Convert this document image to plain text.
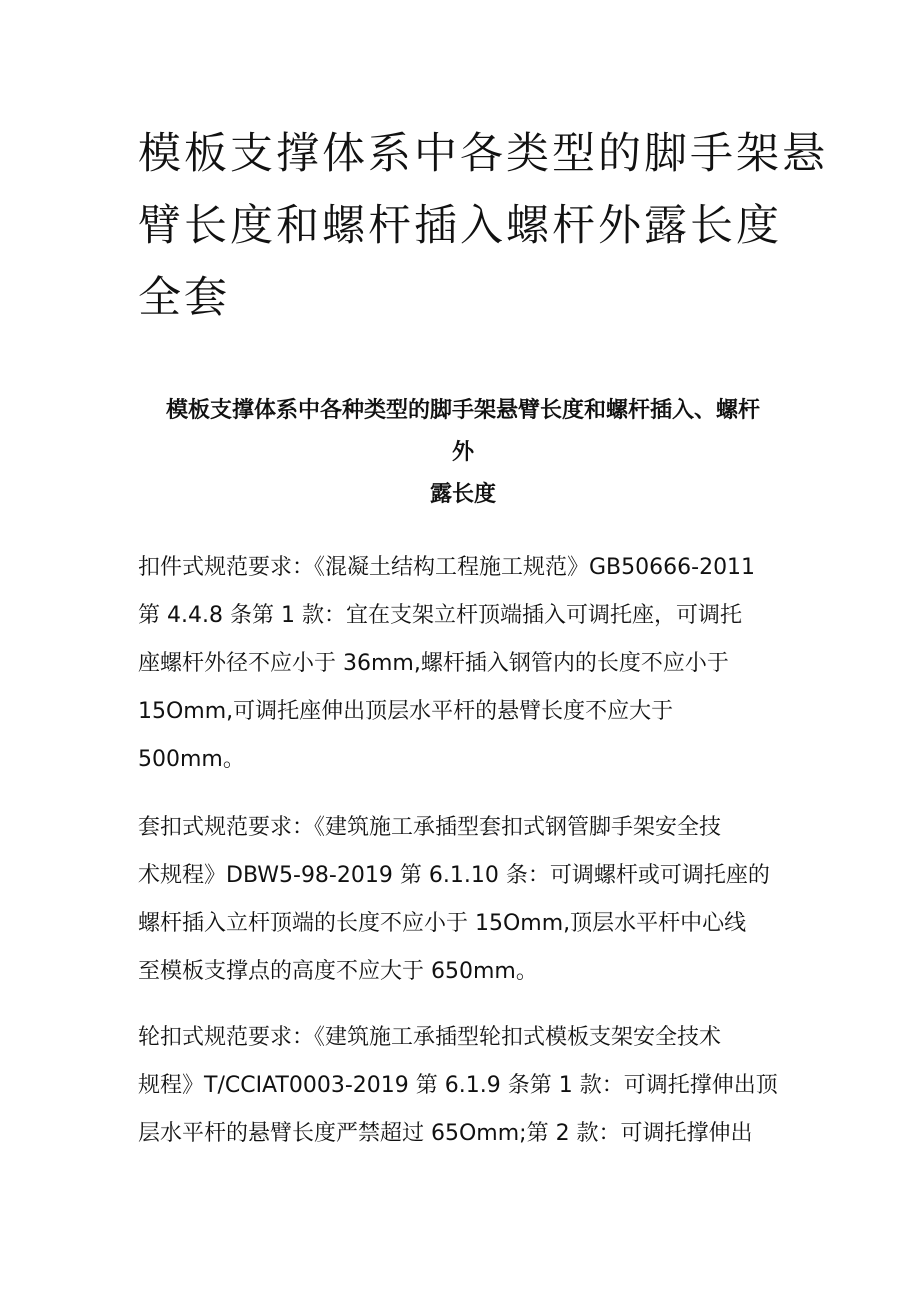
模板支撑体系中各类型的脚手架悬
臂长度和螺杆插入螺杆外露长度
全套
模板支撑体系中各种类型的脚手架悬臂长度和螺杆插入、螺杆
外
露长度

扣件式规范要求：《混凝土结构工程施工规范》GB50666-2011
第 4.4.8 条第 1 款：宜在支架立杆顶端插入可调托座，可调托
座螺杆外径不应小于 36mm,螺杆插入钢管内的长度不应小于
15Omm,可调托座伸出顶层水平杆的悬臂长度不应大于
500mm。

套扣式规范要求：《建筑施工承插型套扣式钢管脚手架安全技
术规程》DBW5-98-2019 第 6.1.10 条：可调螺杆或可调托座的
螺杆插入立杆顶端的长度不应小于 15Omm,顶层水平杆中心线
至模板支撑点的高度不应大于 650mm。

轮扣式规范要求：《建筑施工承插型轮扣式模板支架安全技术
规程》T/CCIAT0003-2019 第 6.1.9 条第 1 款：可调托撑伸出顶
层水平杆的悬臂长度严禁超过 65Omm;第 2 款：可调托撑伸出
